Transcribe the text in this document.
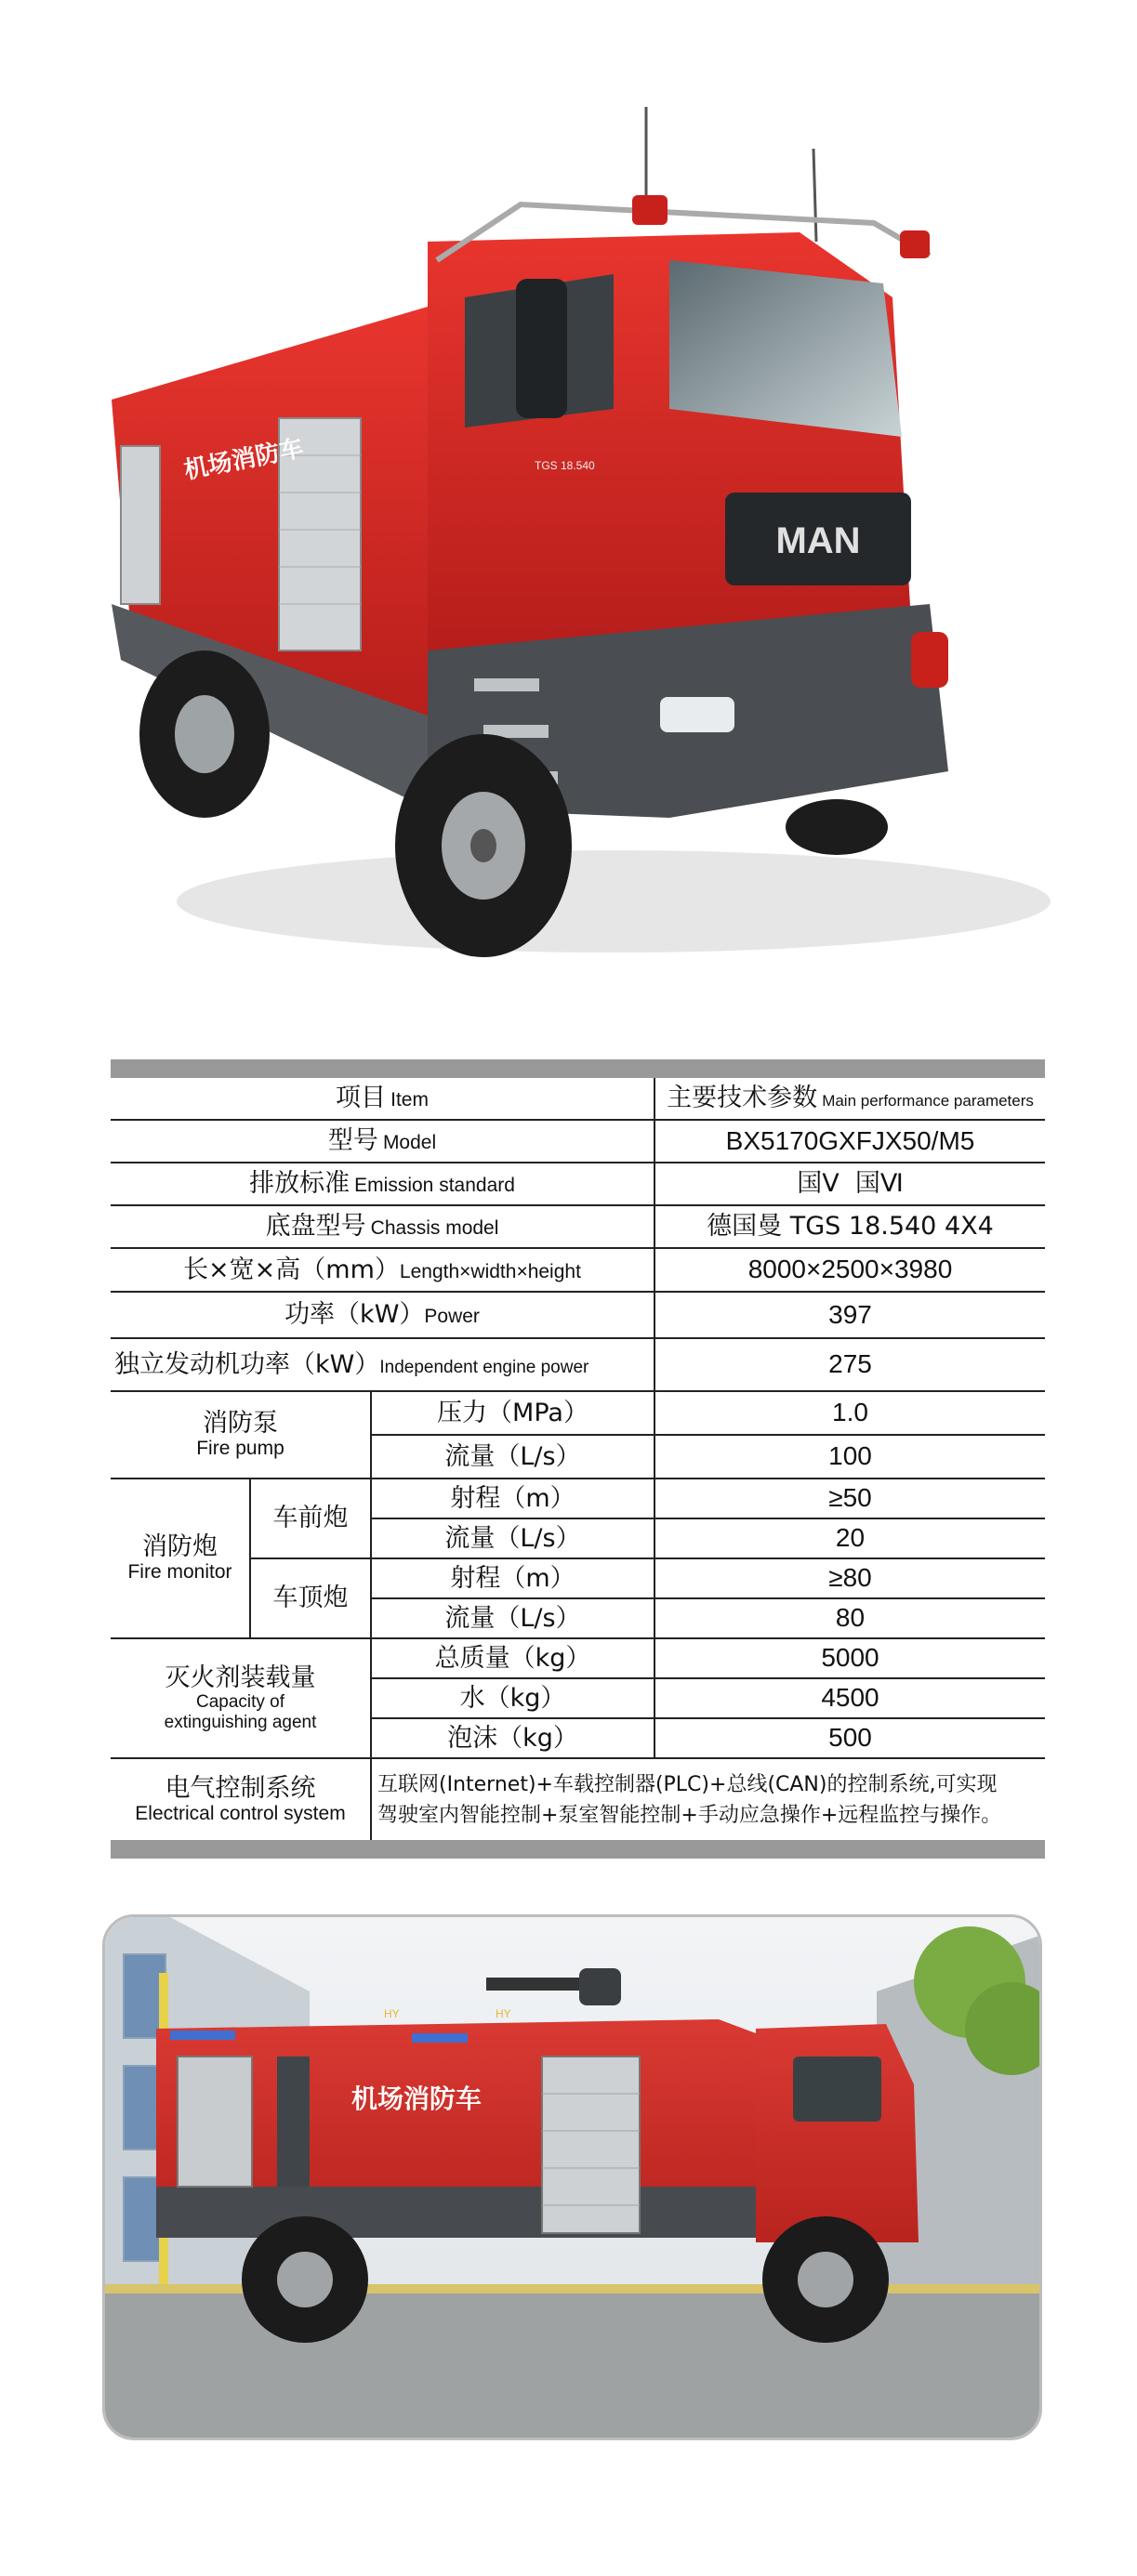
机场消防车
MAN
TGS 18.540
项目 Item			主要技术参数 Main performance parameters
型号 Model			BX5170GXFJX50/M5
排放标准 Emission standard			国Ⅴ  国Ⅵ
底盘型号 Chassis model			德国曼 TGS 18.540 4X4
长×宽×高（mm）Length×width×height			8000×2500×3980
功率（kW）Power			397
独立发动机功率（kW）Independent engine power			275

消防泵
Fire pump		压力（MPa）	1.0
		流量（L/s）	100

消防炮
Fire monitor	车前炮	射程（m）	≥50
		流量（L/s）	20
	车顶炮	射程（m）	≥80
		流量（L/s）	80

灭火剂装载量
Capacity of
extinguishing agent		总质量（kg）	5000
		水（kg）	4500
		泡沫（kg）	500

电气控制系统
Electrical control system		互联网(Internet)+车载控制器(PLC)+总线(CAN)的控制系统,可实现
驾驶室内智能控制+泵室智能控制+手动应急操作+远程监控与操作。	
HY	HY
机场消防车
